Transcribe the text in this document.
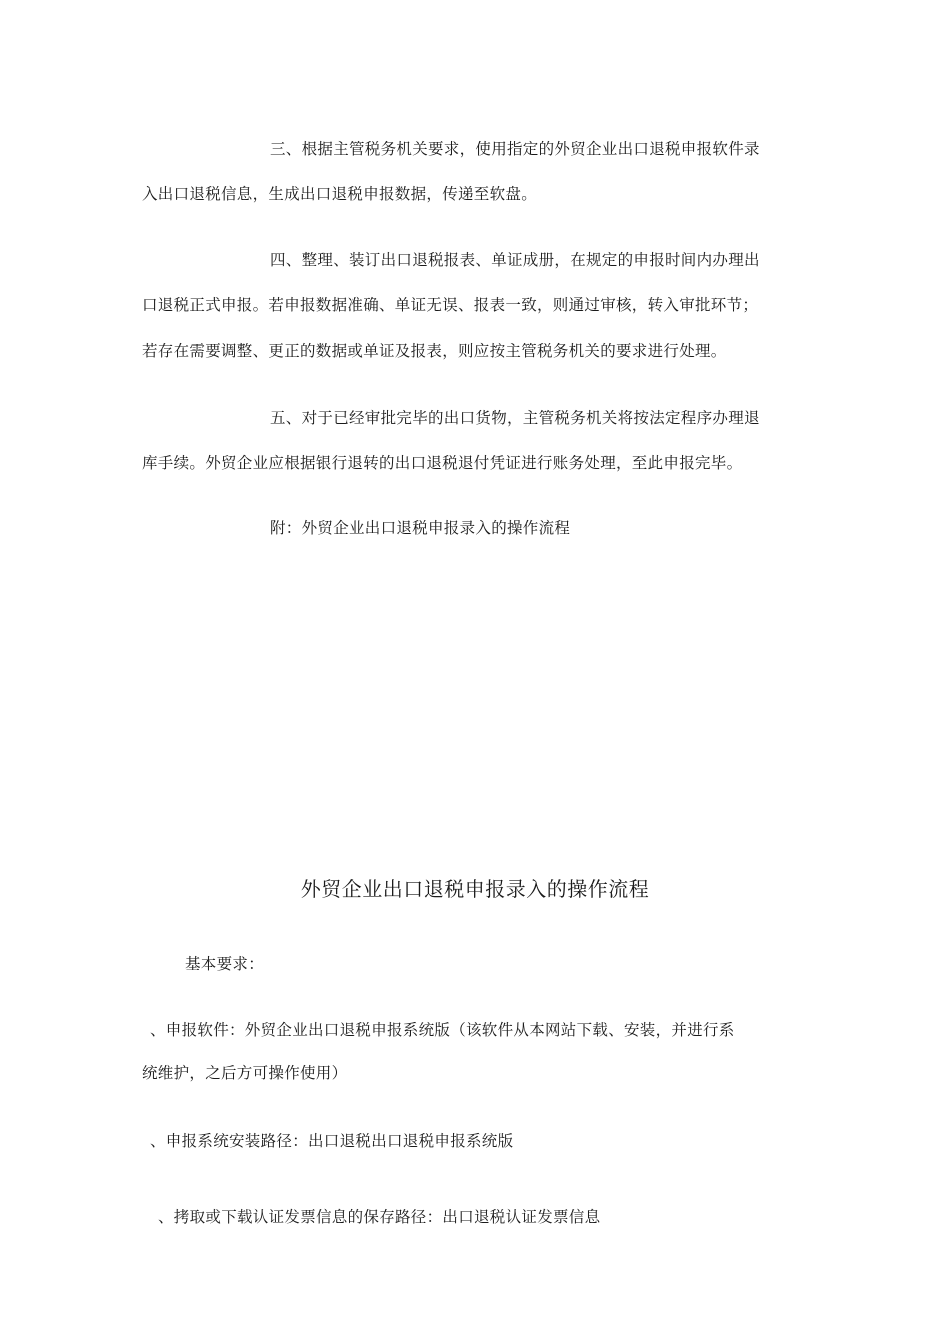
三、根据主管税务机关要求，使用指定的外贸企业出口退税申报软件录
入出口退税信息，生成出口退税申报数据，传递至软盘。
四、整理、装订出口退税报表、单证成册，在规定的申报时间内办理出
口退税正式申报。若申报数据准确、单证无误、报表一致，则通过审核，转入审批环节；
若存在需要调整、更正的数据或单证及报表，则应按主管税务机关的要求进行处理。
五、对于已经审批完毕的出口货物，主管税务机关将按法定程序办理退
库手续。外贸企业应根据银行退转的出口退税退付凭证进行账务处理，至此申报完毕。
附：外贸企业出口退税申报录入的操作流程
外贸企业出口退税申报录入的操作流程
基本要求：
、申报软件：外贸企业出口退税申报系统版（该软件从本网站下载、安装，并进行系
统维护，之后方可操作使用）
、申报系统安装路径：出口退税出口退税申报系统版
、拷取或下载认证发票信息的保存路径：出口退税认证发票信息
